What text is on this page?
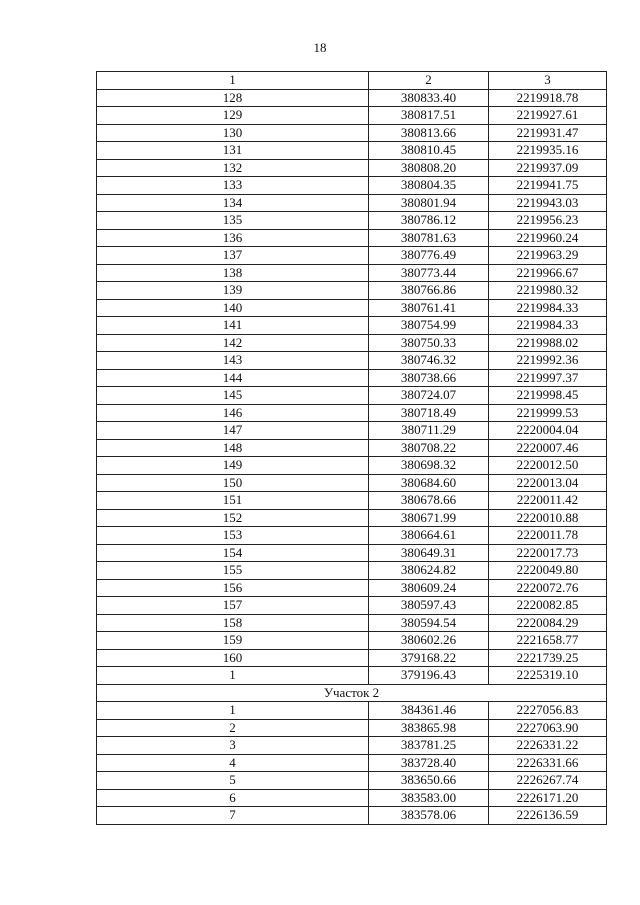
18
1	2	3
128	380833.40	2219918.78
129	380817.51	2219927.61
130	380813.66	2219931.47
131	380810.45	2219935.16
132	380808.20	2219937.09
133	380804.35	2219941.75
134	380801.94	2219943.03
135	380786.12	2219956.23
136	380781.63	2219960.24
137	380776.49	2219963.29
138	380773.44	2219966.67
139	380766.86	2219980.32
140	380761.41	2219984.33
141	380754.99	2219984.33
142	380750.33	2219988.02
143	380746.32	2219992.36
144	380738.66	2219997.37
145	380724.07	2219998.45
146	380718.49	2219999.53
147	380711.29	2220004.04
148	380708.22	2220007.46
149	380698.32	2220012.50
150	380684.60	2220013.04
151	380678.66	2220011.42
152	380671.99	2220010.88
153	380664.61	2220011.78
154	380649.31	2220017.73
155	380624.82	2220049.80
156	380609.24	2220072.76
157	380597.43	2220082.85
158	380594.54	2220084.29
159	380602.26	2221658.77
160	379168.22	2221739.25
1	379196.43	2225319.10
Участок 2		
1	384361.46	2227056.83
2	383865.98	2227063.90
3	383781.25	2226331.22
4	383728.40	2226331.66
5	383650.66	2226267.74
6	383583.00	2226171.20
7	383578.06	2226136.59
